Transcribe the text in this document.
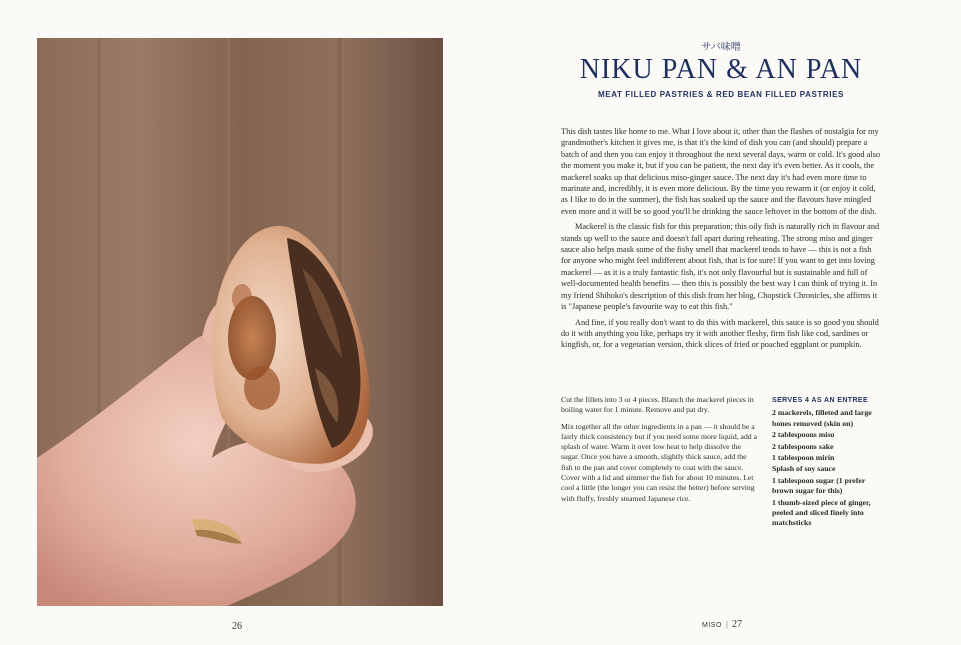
26
サバ味噌
NIKU PAN & AN PAN
MEAT FILLED PASTRIES & RED BEAN FILLED PASTRIES

This dish tastes like home to me. What I love about it, other than the flashes of nostalgia for my grandmother's kitchen it gives me, is that it's the kind of dish you can (and should) prepare a batch of and then you can enjoy it throughout the next several days, warm or cold. It's good also the moment you make it, but if you can be patient, the next day it's even better. As it cools, the mackerel soaks up that delicious miso-ginger sauce. The next day it's had even more time to marinate and, incredibly, it is even more delicious. By the time you rewarm it (or enjoy it cold, as I like to do in the summer), the fish has soaked up the sauce and the flavours have mingled even more and it will be so good you'll be drinking the sauce leftover in the bottom of the dish.

Mackerel is the classic fish for this preparation; this oily fish is naturally rich in flavour and stands up well to the sauce and doesn't fall apart during reheating. The strong miso and ginger sauce also helps mask some of the fishy smell that mackerel tends to have — this is not a fish for anyone who might feel indifferent about fish, that is for sure! If you want to get into loving mackerel — as it is a truly fantastic fish, it's not only flavourful but is sustainable and full of well-documented health benefits — then this is possibly the best way I can think of trying it. In my friend Shihoko's description of this dish from her blog, Chopstick Chronicles, she affirms it is "Japanese people's favourite way to eat this fish."

And fine, if you really don't want to do this with mackerel, this sauce is so good you should do it with anything you like, perhaps try it with another fleshy, firm fish like cod, sardines or kingfish, or, for a vegetarian version, thick slices of fried or poached eggplant or pumpkin.

Cut the fillets into 3 or 4 pieces. Blanch the mackerel pieces in boiling water for 1 minute. Remove and pat dry.

Mix together all the other ingredients in a pan — it should be a fairly thick consistency but if you need some more liquid, add a splash of water. Warm it over low heat to help dissolve the sugar. Once you have a smooth, slightly thick sauce, add the fish to the pan and cover completely to coat with the sauce. Cover with a lid and simmer the fish for about 10 minutes. Let cool a little (the longer you can resist the better) before serving with fluffy, freshly steamed Japanese rice.

SERVES 4 AS AN ENTREE
2 mackerels, filleted and large bones removed (skin on)
2 tablespoons miso
2 tablespoons sake
1 tablespoon mirin
Splash of soy sauce
1 tablespoon sugar (1 prefer brown sugar for this)
1 thumb-sized piece of ginger, peeled and sliced finely into matchsticks
MISO | 27
